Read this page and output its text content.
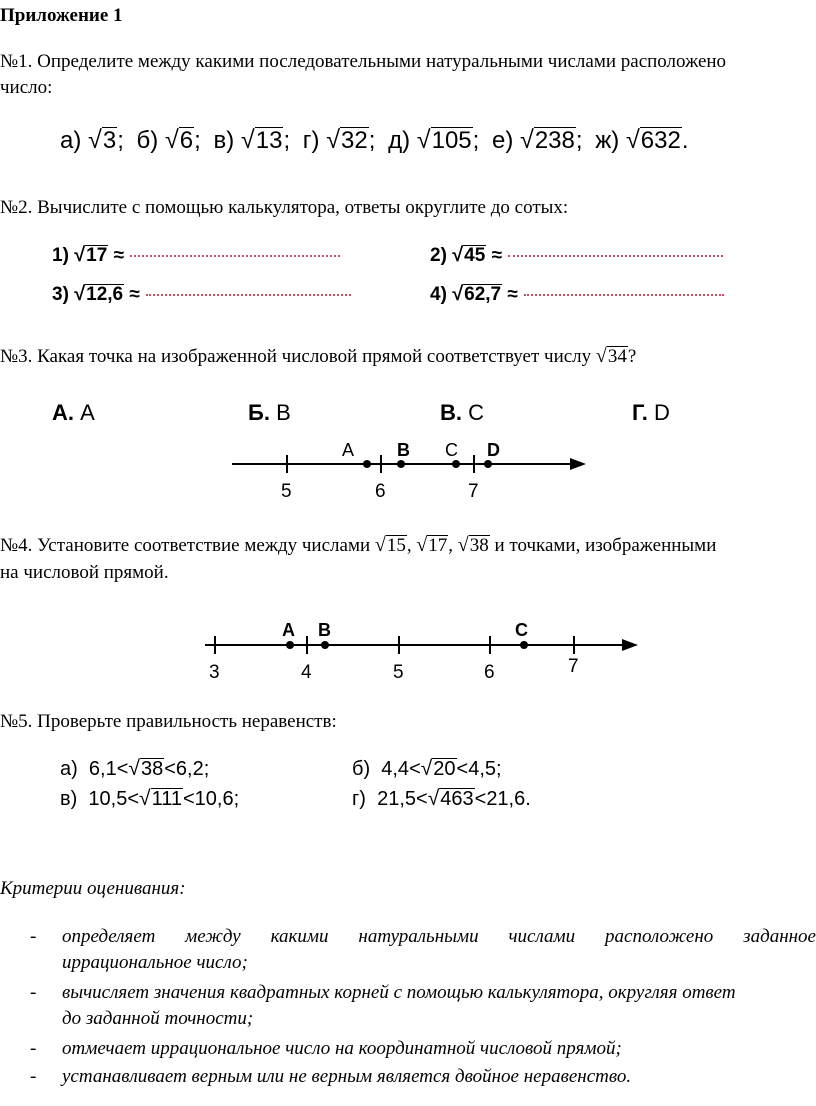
Приложение 1
№1. Определите между какими последовательными натуральными числами расположено
число:
а) √3; б) √6; в) √13; г) √32; д) √105; е) √238; ж) √632.
№2. Вычислите с помощью калькулятора, ответы округлите до сотых:
1) √17 ≈	2) √45 ≈
3) √12,6 ≈	4) √62,7 ≈
№3. Какая точка на изображенной числовой прямой соответствует числу √34?
А. A	Б. B	В. C	Г. D
5	6	7
A B C D
№4. Установите соответствие между числами √15, √17, √38 и точками, изображенными
на числовой прямой.
3	4	5	6	7
A B	C
№5. Проверьте правильность неравенств:
а) 6,1<√38<6,2;	б) 4,4<√20<4,5;
в) 10,5<√111<10,6;	г) 21,5<√463<21,6.
Критерии оценивания:
- определяет между какими натуральными числами расположено заданное
иррациональное число;
- вычисляет значения квадратных корней с помощью калькулятора, округляя ответ
до заданной точности;
- отмечает иррациональное число на координатной числовой прямой;
- устанавливает верным или не верным является двойное неравенство.
